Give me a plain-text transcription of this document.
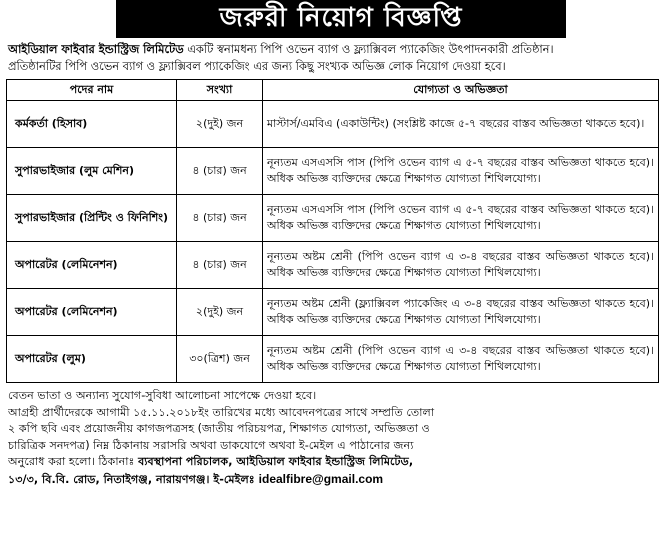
জরুরী নিয়োগ বিজ্ঞপ্তি
আইডিয়াল ফাইবার ইন্ডাস্ট্রিজ লিমিটেড একটি স্বনামধন্য পিপি ওভেন ব্যাগ ও ফ্ল্যাক্সিবল প্যাকেজিং উৎপাদনকারী প্রতিষ্ঠান।
প্রতিষ্ঠানটির পিপি ওভেন ব্যাগ ও ফ্ল্যাক্সিবল প্যাকেজিং এর জন্য কিছু সংখ্যক অভিজ্ঞ লোক নিয়োগ দেওয়া হবে।
পদের নাম	সংখ্যা	যোগ্যতা ও অভিজ্ঞতা
কর্মকর্তা (হিসাব)	২(দুই) জন	মাস্টার্স/এমবিএ (একাউন্টিং) (সংশ্লিষ্ট কাজে ৫-৭ বছরের বাস্তব অভিজ্ঞতা থাকতে হবে)।
সুপারভাইজার (লুম মেশিন)	৪ (চার) জন	নূন্যতম এসএসসি পাস (পিপি ওভেন ব্যাগ এ ৫-৭ বছরের বাস্তব অভিজ্ঞতা থাকতে হবে)। অধিক অভিজ্ঞ ব্যক্তিদের ক্ষেত্রে শিক্ষাগত যোগ্যতা শিথিলযোগ্য।
সুপারভাইজার (প্রিন্টিং ও ফিনিশিং)	৪ (চার) জন	নূন্যতম এসএসসি পাস (পিপি ওভেন ব্যাগ এ ৫-৭ বছরের বাস্তব অভিজ্ঞতা থাকতে হবে)। অধিক অভিজ্ঞ ব্যক্তিদের ক্ষেত্রে শিক্ষাগত যোগ্যতা শিথিলযোগ্য।
অপারেটর (লেমিনেশন)	৪ (চার) জন	নূন্যতম অষ্টম শ্রেনী (পিপি ওভেন ব্যাগ এ ৩-৪ বছরের বাস্তব অভিজ্ঞতা থাকতে হবে)। অধিক অভিজ্ঞ ব্যক্তিদের ক্ষেত্রে শিক্ষাগত যোগ্যতা শিথিলযোগ্য।
অপারেটর (লেমিনেশন)	২(দুই) জন	নূন্যতম অষ্টম শ্রেনী (ফ্ল্যাক্সিবল প্যাকেজিং এ ৩-৪ বছরের বাস্তব অভিজ্ঞতা থাকতে হবে)। অধিক অভিজ্ঞ ব্যক্তিদের ক্ষেত্রে শিক্ষাগত যোগ্যতা শিথিলযোগ্য।
অপারেটর (লুম)	৩০(ত্রিশ) জন	নূন্যতম অষ্টম শ্রেনী (পিপি ওভেন ব্যাগ এ ৩-৪ বছরের বাস্তব অভিজ্ঞতা থাকতে হবে)। অধিক অভিজ্ঞ ব্যক্তিদের ক্ষেত্রে শিক্ষাগত যোগ্যতা শিথিলযোগ্য।

বেতন ভাতা ও অন্যান্য সুযোগ-সুবিধা আলোচনা সাপেক্ষে দেওয়া হবে।

আগ্রহী প্রার্থীদেরকে আগামী ১৫.১১.২০১৮ইং তারিখের মধ্যে আবেদনপত্রের সাথে সম্প্রতি তোলা

২ কপি ছবি এবং প্রয়োজনীয় কাগজপত্রসহ (জাতীয় পরিচয়পত্র, শিক্ষাগত যোগ্যতা, অভিজ্ঞতা ও

চারিত্রিক সনদপত্র) নিম্ন ঠিকানায় সরাসরি অথবা ডাকযোগে অথবা ই-মেইল এ পাঠানোর জন্য

অনুরোধ করা হলো। ঠিকানাঃ ব্যবস্থাপনা পরিচালক, আইডিয়াল ফাইবার ইন্ডাস্ট্রিজ লিমিটেড,

১৩/৩, বি.বি. রোড, নিতাইগঞ্জ, নারায়ণগঞ্জ। ই-মেইলঃ idealfibre@gmail.com
